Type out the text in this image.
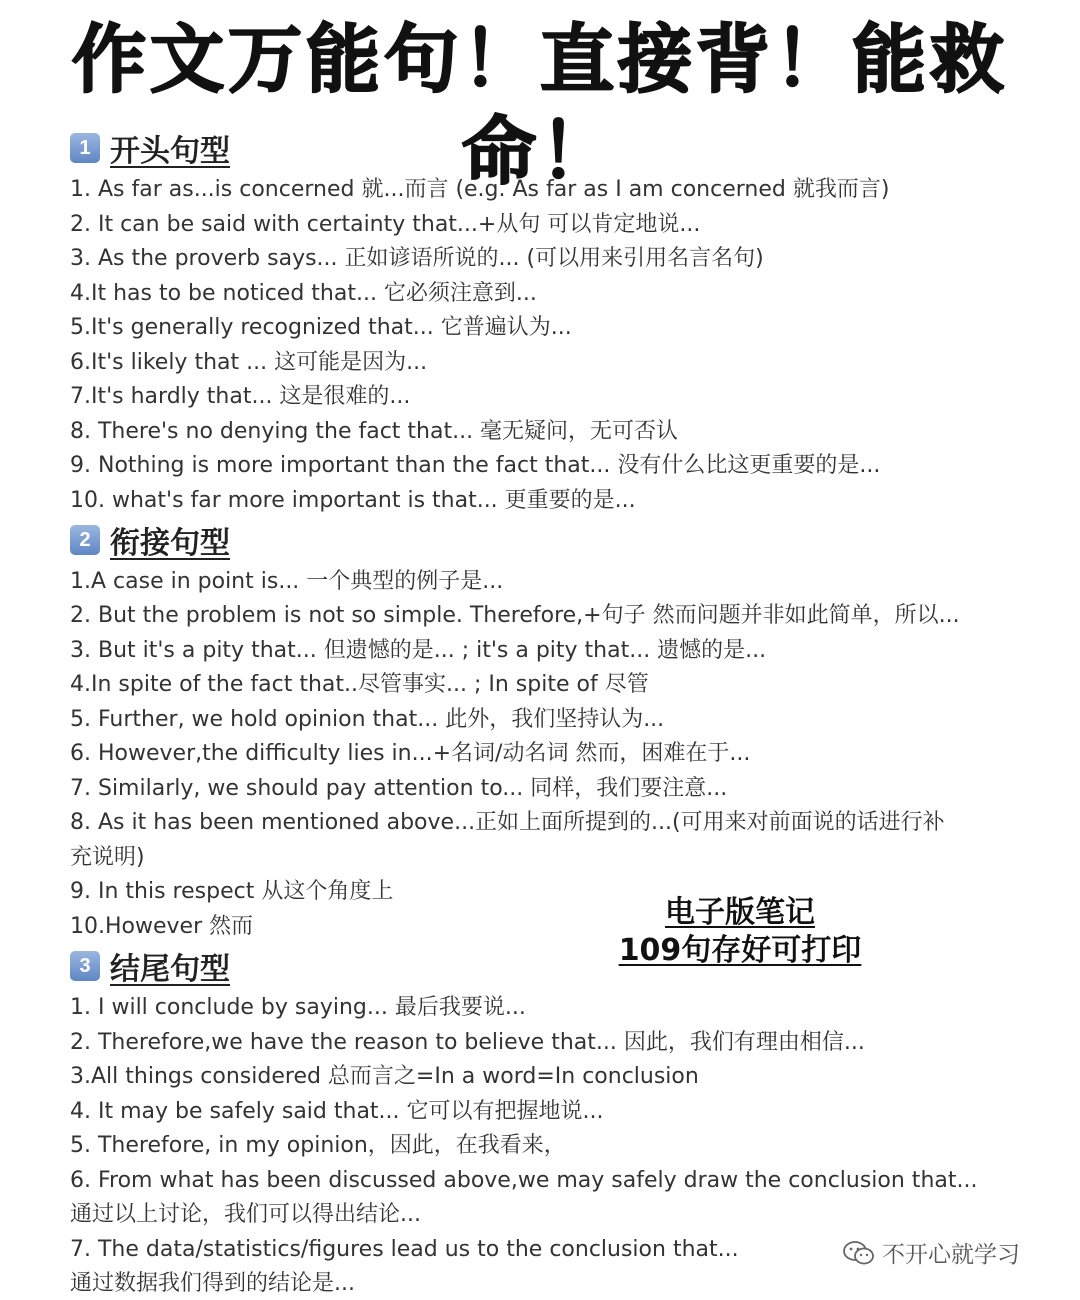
作文万能句！直接背！能救命！
1 开头句型
1. As far as...is concerned 就...而言 (e.g. As far as I am concerned 就我而言)
2. It can be said with certainty that...+从句 可以肯定地说...
3. As the proverb says... 正如谚语所说的... (可以用来引用名言名句)
4.It has to be noticed that... 它必须注意到...
5.It's generally recognized that... 它普遍认为...
6.It's likely that ... 这可能是因为...
7.It's hardly that... 这是很难的...
8. There's no denying the fact that... 毫无疑问，无可否认
9. Nothing is more important than the fact that... 没有什么比这更重要的是...
10. what's far more important is that... 更重要的是...
2 衔接句型
1.A case in point is... 一个典型的例子是...
2. But the problem is not so simple. Therefore,+句子 然而问题并非如此简单，所以...
3. But it's a pity that... 但遗憾的是... ; it's a pity that... 遗憾的是...
4.In spite of the fact that..尽管事实... ; In spite of 尽管
5. Further, we hold opinion that... 此外，我们坚持认为...
6. However,the difficulty lies in...+名词/动名词 然而，困难在于...
7. Similarly, we should pay attention to... 同样，我们要注意...
8. As it has been mentioned above...正如上面所提到的...(可用来对前面说的话进行补
充说明)
9. In this respect 从这个角度上
10.However 然而	电子版笔记
109句存好可打印
3 结尾句型
1. I will conclude by saying... 最后我要说...
2. Therefore,we have the reason to believe that... 因此，我们有理由相信...
3.All things considered 总而言之=In a word=In conclusion
4. It may be safely said that... 它可以有把握地说...
5. Therefore, in my opinion，因此，在我看来，
6. From what has been discussed above,we may safely draw the conclusion that...
通过以上讨论，我们可以得出结论...
7. The data/statistics/figures lead us to the conclusion that...
通过数据我们得到的结论是...
不开心就学习
